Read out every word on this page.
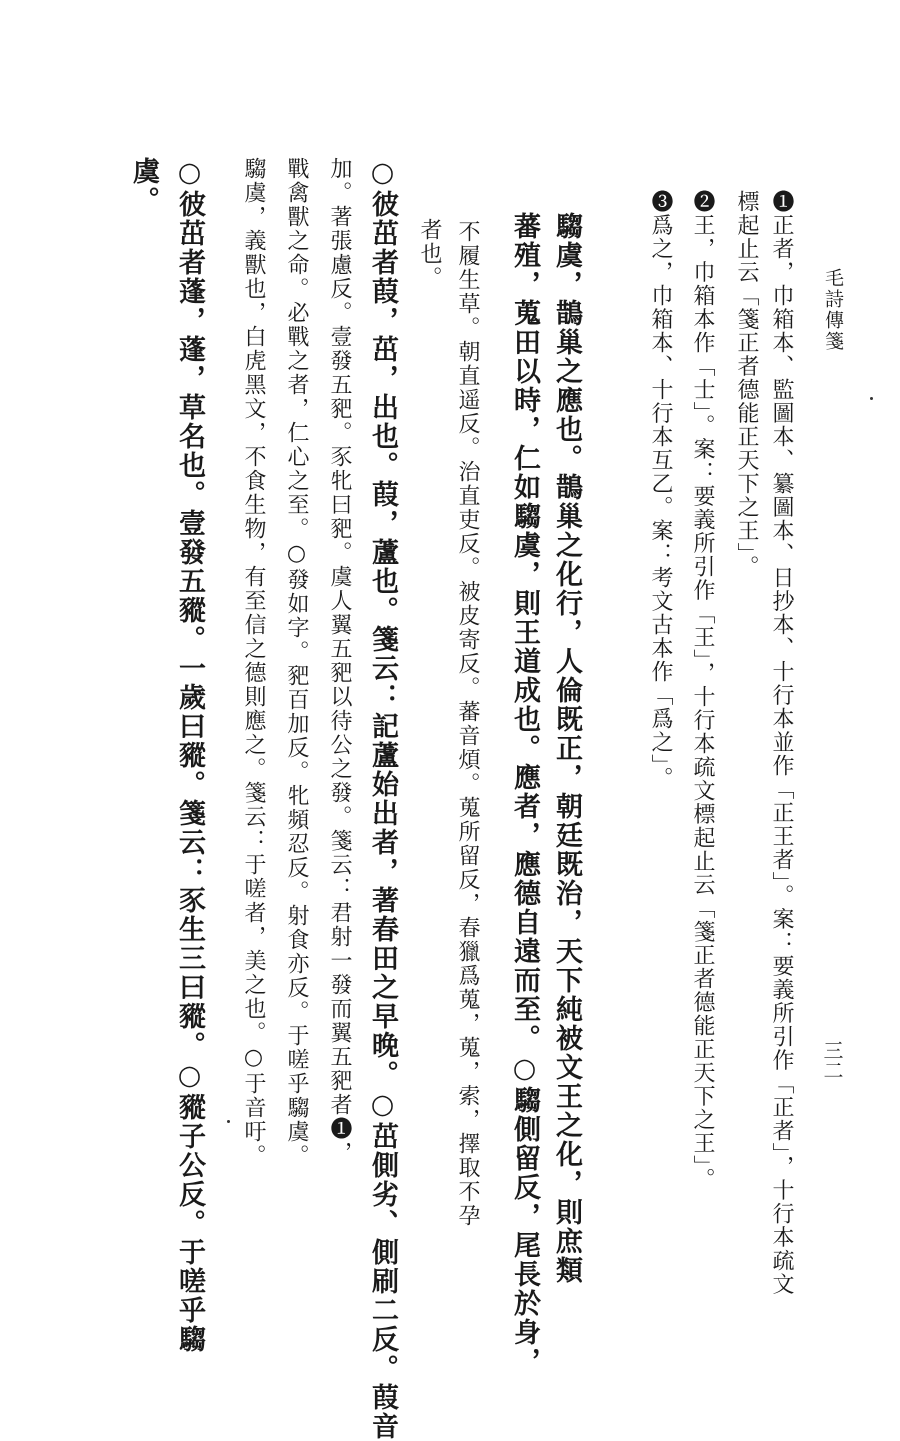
毛詩傳箋
三二
❶正者，巾箱本、監圖本、纂圖本、日抄本、十行本並作「正王者」。案：要義所引作「正者」，十行本疏文
標起止云「箋正者德能正天下之王」。
❷王，巾箱本作「士」。案：要義所引作「王」，十行本疏文標起止云「箋正者德能正天下之王」。
❸爲之，巾箱本、十行本互乙。案：考文古本作「爲之」。
者也。	騶虞，鵲巢之應也。鵲巢之化行，人倫既正，朝廷既治，天下純被文王之化，則庶類
蕃殖，蒐田以時，仁如騶虞，則王道成也。應者，應德自遠而至。○騶側留反，尾長於身，
不履生草。朝直遥反。治直吏反。被皮寄反。蕃音煩。蒐所留反，春獵爲蒐，蒐，索，擇取不孕
○彼茁者葭，茁，出也。葭，蘆也。箋云：記蘆始出者，著春田之早晚。○茁側劣、側刷二反。葭音
加。著張慮反。壹發五豝。豕牝曰豝。虞人翼五豝以待公之發。箋云：君射一發而翼五豝者❶，
戰禽獸之命。必戰之者，仁心之至。○發如字。豝百加反。牝頻忍反。射食亦反。于嗟乎騶虞。
騶虞，義獸也，白虎黑文，不食生物，有至信之德則應之。箋云：于嗟者，美之也。○于音吁。
○彼茁者蓬，蓬，草名也。壹發五豵。一歲曰豵。箋云：豕生三曰豵。○豵子公反。于嗟乎騶
虞。
